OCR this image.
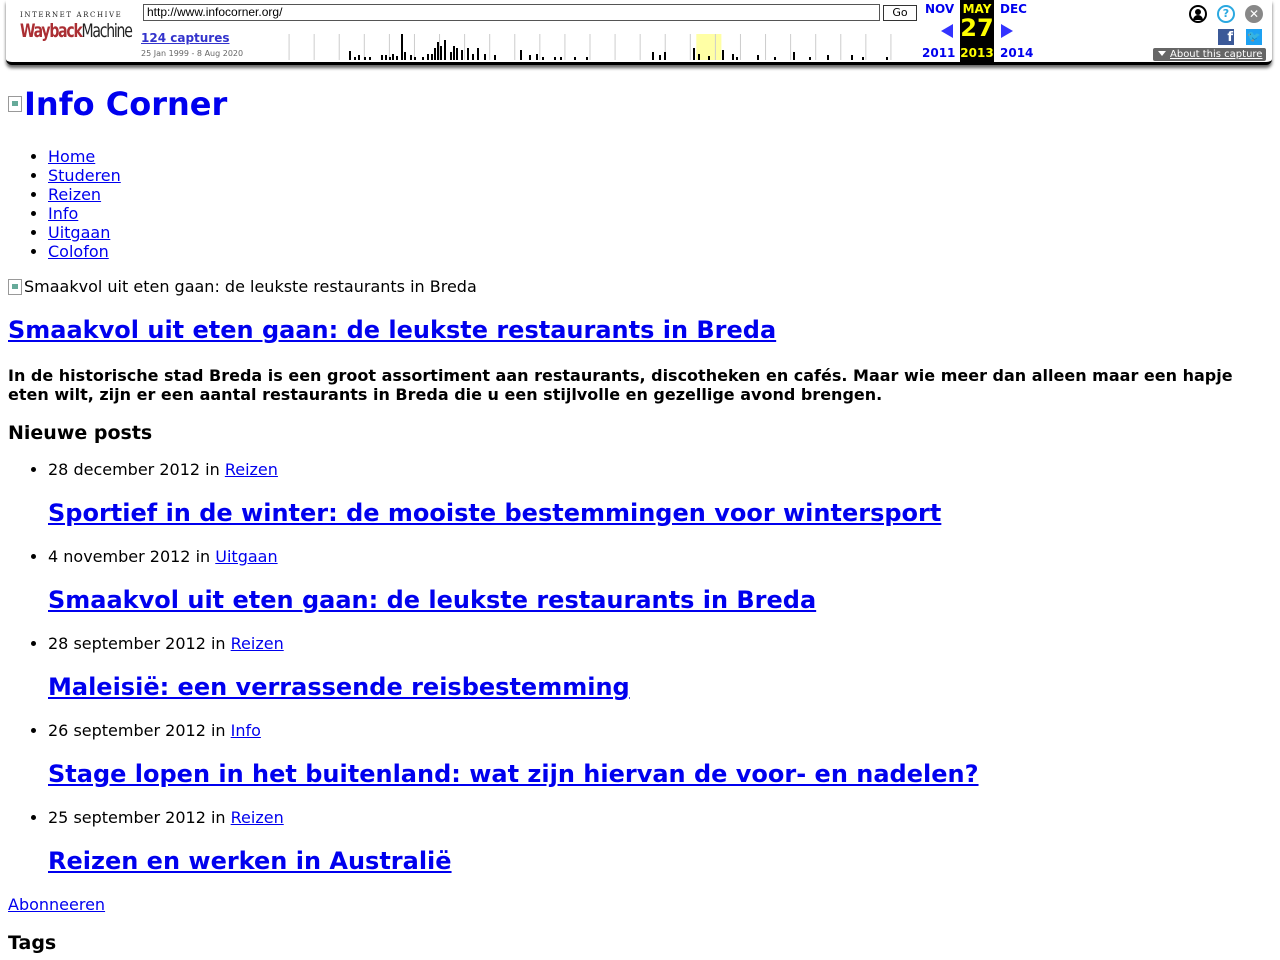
INTERNET ARCHIVE
WaybackMachine
http://www.infocorner.org/	Go
124 captures
25 Jan 1999 - 8 Aug 2020
NOV
2011
MAY
27
2013
DEC
2014
?	✕
f 🐦
About this capture
Info Corner
• Home
• Studeren
• Reizen
• Info
• Uitgaan
• Colofon
Smaakvol uit eten gaan: de leukste restaurants in Breda
Smaakvol uit eten gaan: de leukste restaurants in Breda

In de historische stad Breda is een groot assortiment aan restaurants, discotheken en cafés. Maar wie meer dan alleen maar een hapje eten wilt, zijn er een aantal restaurants in Breda die u een stijlvolle en gezellige avond brengen.

Nieuwe posts
• 28 december 2012 in Reizen
Sportief in de winter: de mooiste bestemmingen voor wintersport
• 4 november 2012 in Uitgaan
Smaakvol uit eten gaan: de leukste restaurants in Breda
• 28 september 2012 in Reizen
Maleisië: een verrassende reisbestemming
• 26 september 2012 in Info
Stage lopen in het buitenland: wat zijn hiervan de voor- en nadelen?
• 25 september 2012 in Reizen
Reizen en werken in Australië
Abonneeren
Tags
